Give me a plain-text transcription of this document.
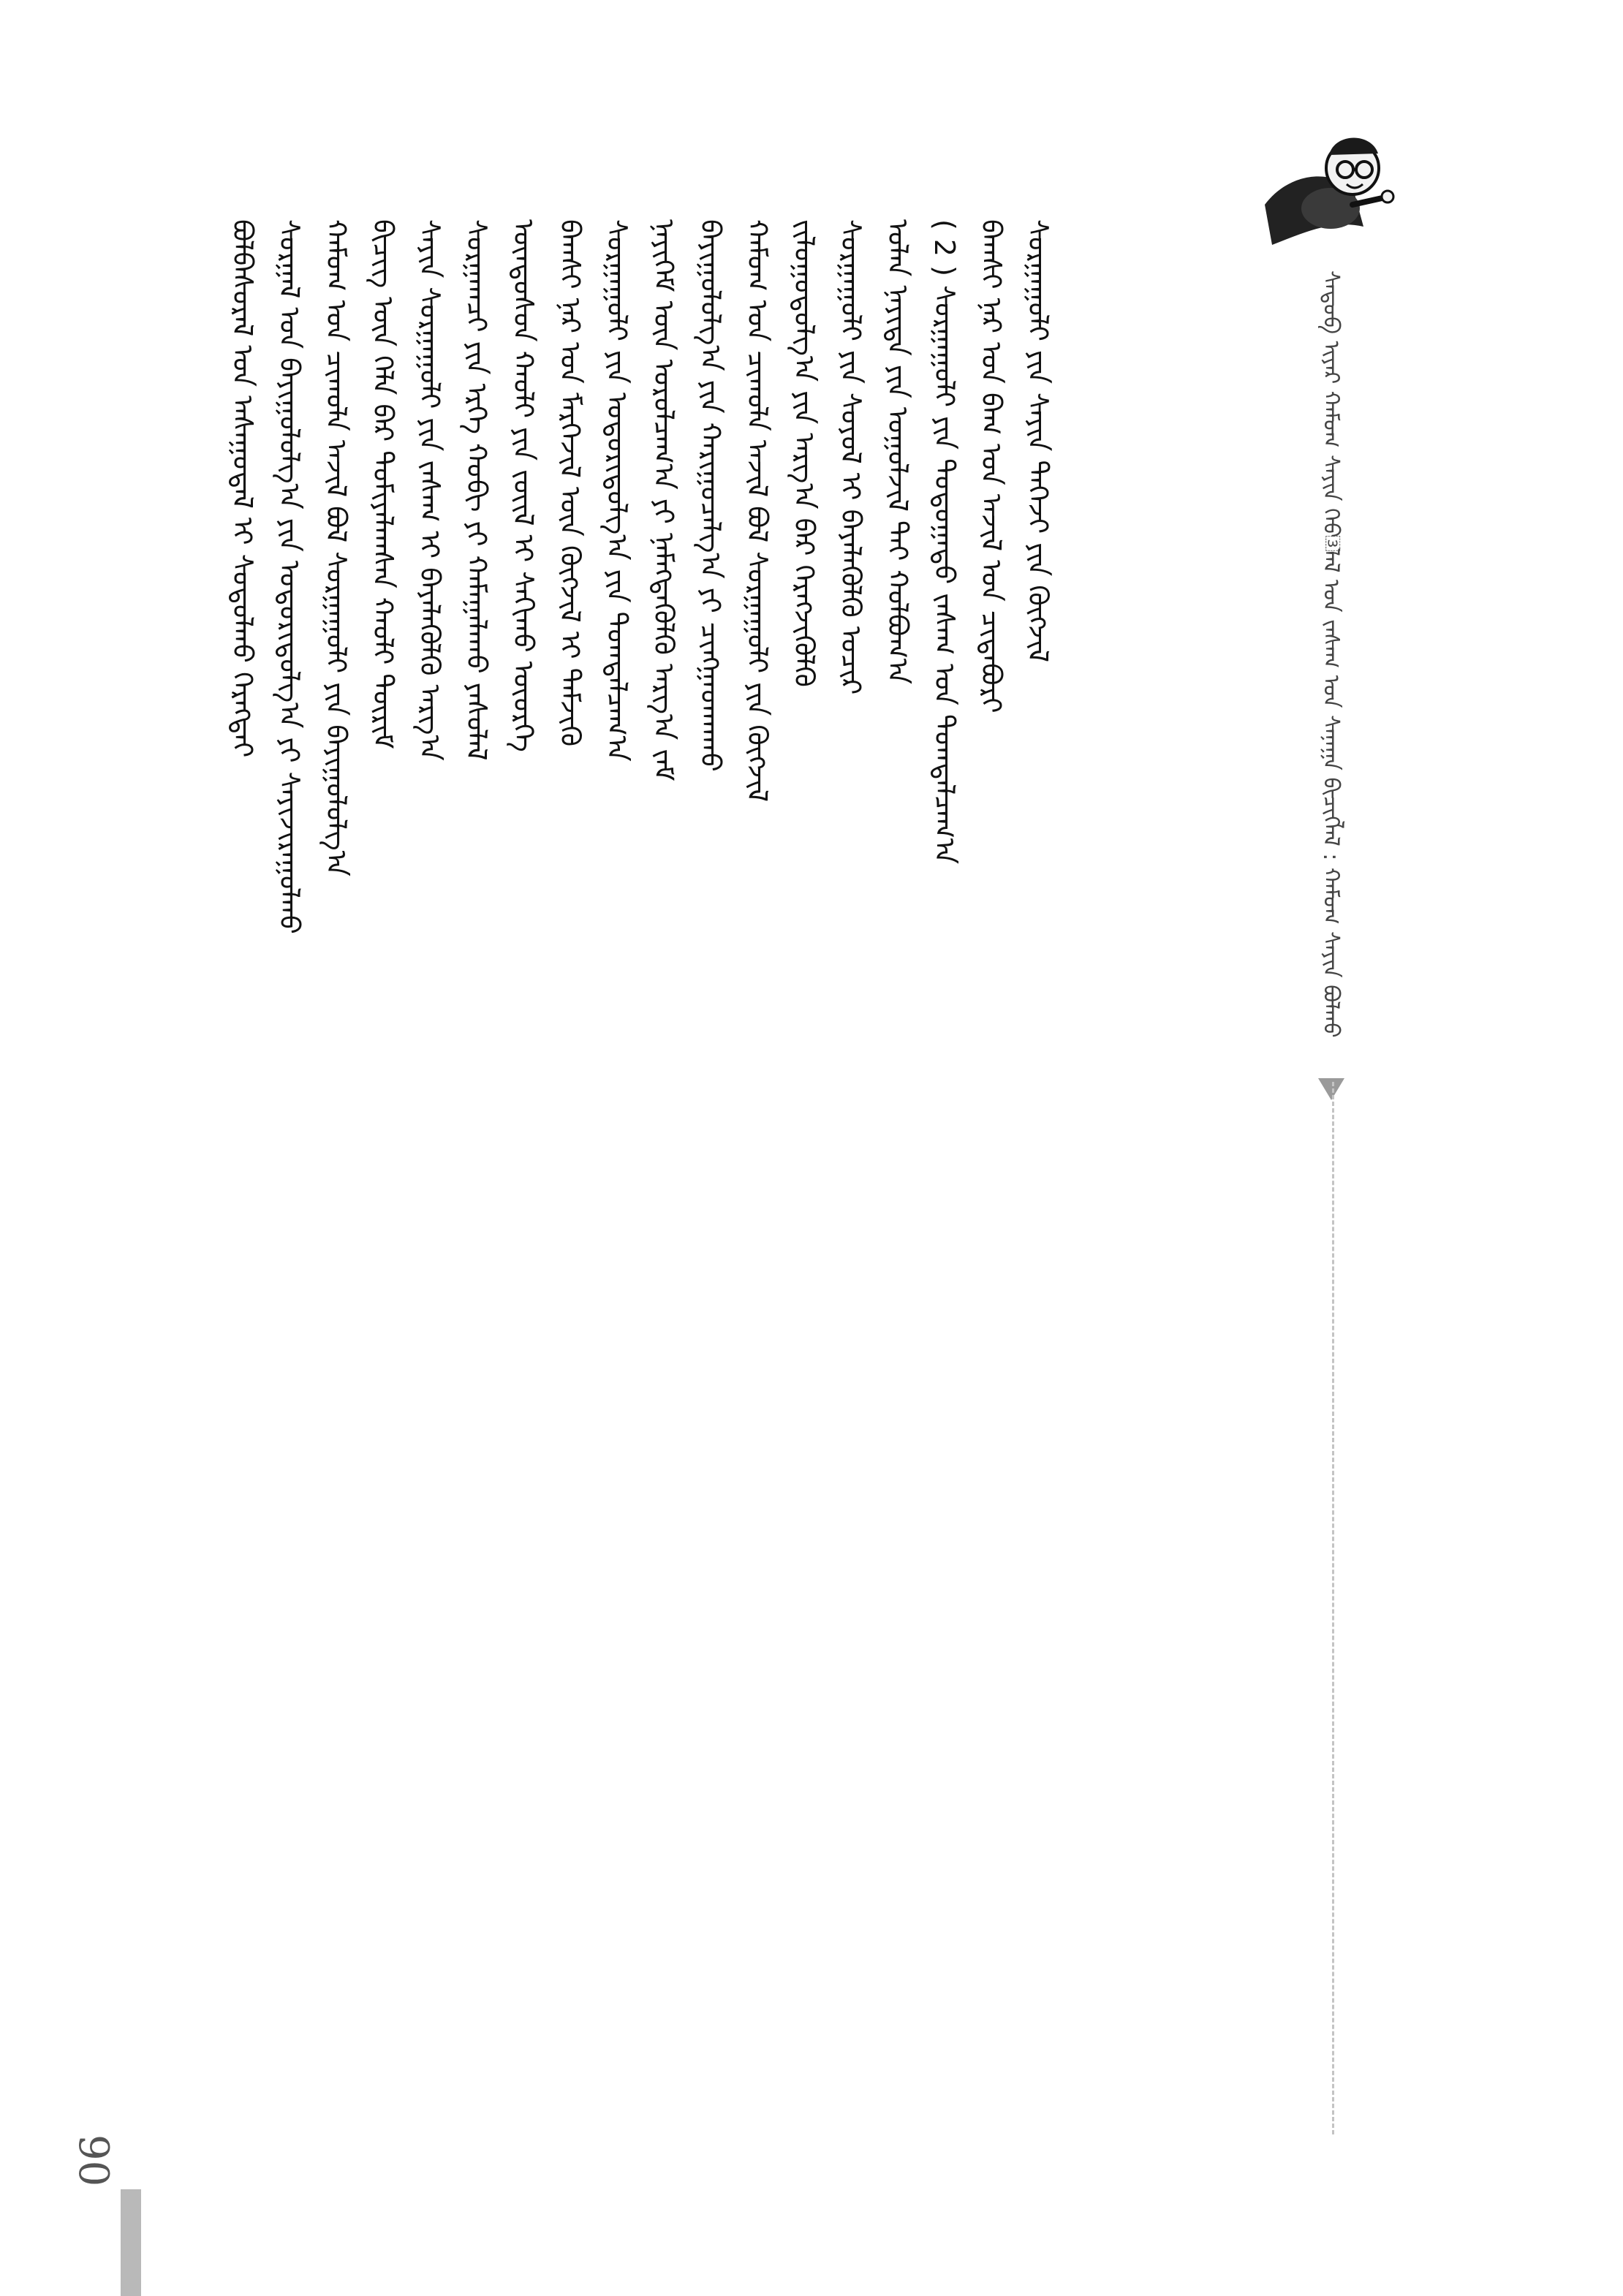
ᠪᠣᠯᠪᠠᠰᠤᠷᠠᠯ ᠤᠨ ᠠᠰᠠᠭᠤᠳᠠᠯ ᠢ ᠰᠤᠳᠤᠯᠬᠤ ᠬᠡᠷᠡᠭᠲᠡᠢ ᠰᠤᠷᠭᠠᠯ ᠤᠨ ᠪᠠᠶᠢᠭᠤᠯᠤᠯᠭ᠎ᠠ ᠶᠢᠨ ᠤᠳᠤᠷᠢᠳᠤᠯᠭ᠎ᠠ ᠶᠢ ᠰᠠᠶᠢᠵᠢᠷᠠᠭᠤᠯᠬᠤ ᠬᠠᠮᠤᠭ ᠤᠨ ᠴᠢᠬᠤᠯᠠ ᠠᠵᠢᠯ ᠪᠣᠯ ᠰᠤᠷᠭᠠᠭᠤᠯᠢ ᠶᠢᠨ ᠪᠠᠶᠢᠭᠤᠯᠤᠯᠭ᠎ᠠ ᠪᠢᠴᠢᠭ ᠦᠨ ᠬᠡᠯᠡ ᠪᠡᠷ ᠲᠣᠮᠢᠶᠠᠯᠠᠭᠰᠠᠨ ᠬᠠᠤᠯᠢ ᠳᠦᠷᠢᠮ ᠰᠠᠶᠢᠨ ᠰᠤᠷᠭᠠᠭᠤᠯᠢ ᠶᠢᠨ ᠵᠠᠰᠠᠭ ᠢ ᠪᠡᠶᠡᠯᠡᠭᠦᠯᠬᠦ ᠠᠷᠭ᠎ᠠ ᠰᠤᠷᠭᠠᠭᠴᠢ ᠶᠢᠨ ᠡᠷᠬᠡ ᠬᠤᠪᠢ ᠶᠢ ᠬᠠᠮᠠᠭᠠᠯᠠᠬᠤ ᠶᠠᠰᠤᠯᠠᠯ ᠦᠨᠳᠦᠰᠦᠨ ᠬᠠᠤᠯᠢ ᠶᠢᠨ ᠵᠦᠢᠯ ᠢ ᠰᠠᠬᠢᠬᠤ ᠦᠦᠷᠭᠡ ᠪᠠᠭᠰᠢ ᠨᠠᠷ ᠤᠨ ᠮᠡᠷᠭᠡᠵᠢᠯ ᠦᠨ ᠬᠥᠭᠵᠢᠯ ᠢ ᠳᠡᠮᠵᠢᠬᠦ ᠰᠤᠷᠭᠠᠭᠤᠯᠢ ᠶᠢᠨ ᠤᠳᠤᠷᠢᠳᠤᠯᠭ᠎ᠠ ᠶᠢᠨ ᠲᠣᠭᠲᠠᠯᠴᠠᠭ᠎ᠠ ᠨᠡᠶᠢᠭᠡᠮ ᠦᠨ ᠣᠷᠣᠯᠴᠠᠭ᠎ᠠ ᠶᠢ ᠨᠡᠮᠡᠭᠳᠡᠭᠦᠯᠬᠦ ᠠᠷᠭ᠎ᠠ ᠵᠠᠮ ᠪᠠᠶᠢᠭᠤᠯᠤᠯᠭ᠎ᠠ ᠶᠢᠨ ᠬᠠᠷᠢᠭᠤᠴᠠᠯᠭ᠎ᠠ ᠶᠢ ᠴᠢᠩᠭᠠᠳᠬᠠᠬᠤ ᠬᠠᠮᠤᠭ ᠤᠨ ᠴᠢᠬᠤᠯᠠ ᠠᠵᠢᠯ ᠪᠣᠯ ᠰᠤᠷᠭᠠᠭᠤᠯᠢ ᠶᠢᠨ ᠬᠥᠭᠵᠢᠯ ᠵᠢᠯᠤᠭᠤᠳᠤᠯᠭ᠎ᠠ ᠶᠢᠨ ᠠᠷᠭ᠎ᠠ ᠪᠠᠷ ᠬᠡᠷᠡᠭᠵᠢᠭᠦᠯᠬᠦ ᠰᠤᠷᠭᠠᠭᠤᠯᠢ ᠶᠢᠨ ᠰᠣᠶᠤᠯ ᠢ ᠪᠡᠶᠡᠯᠡᠭᠦᠯᠬᠦ ᠤᠴᠢᠷ ᠣᠯᠠᠨ ᠨᠡᠶᠢᠲᠡ ᠶᠢᠨ ᠤᠭᠤᠯᠵᠢᠯ ᠲᠡᠢ ᠬᠣᠯᠪᠣᠭ᠎ᠠ ( 2 ) ᠰᠤᠷᠭᠠᠭᠤᠯᠢ ᠶᠢᠨ ᠳᠣᠲᠣᠭᠠᠳᠤ ᠵᠠᠰᠠᠭ ᠤᠨ ᠲᠣᠭᠲᠠᠯᠴᠠᠭ᠎ᠠ ᠪᠠᠭᠰᠢ ᠨᠠᠷ ᠤᠨ ᠪᠠᠭ ᠤᠨ ᠠᠵᠢᠯ ᠤᠨ ᠴᠢᠳᠠᠪᠤᠷᠢ ᠰᠤᠷᠭᠠᠭᠤᠯᠢ ᠶᠢᠨ ᠰᠠᠶᠢᠨ ᠳᠡᠭᠡᠵᠢ ᠶᠢᠨ ᠬᠥᠭᠵᠢᠯ	ᠰᠡᠳᠦᠪ ᠢᠶᠡᠷ ᠬᠠᠮᠤᠭ ᠰᠠᠶᠢᠨ ᠬᠡᠪ᠍ᠯᠡᠯ ᠤᠨ ᠵᠠᠰᠠᠭ ᠤᠨ ᠰᠠᠨᠠᠭᠠ ᠪᠢᠴᠢᠭ᠌ᠯᠡᠯ : ᠬᠠᠮᠤᠭ ᠰᠠᠶᠢᠨ ᠪᠤᠯᠬᠤ
90
